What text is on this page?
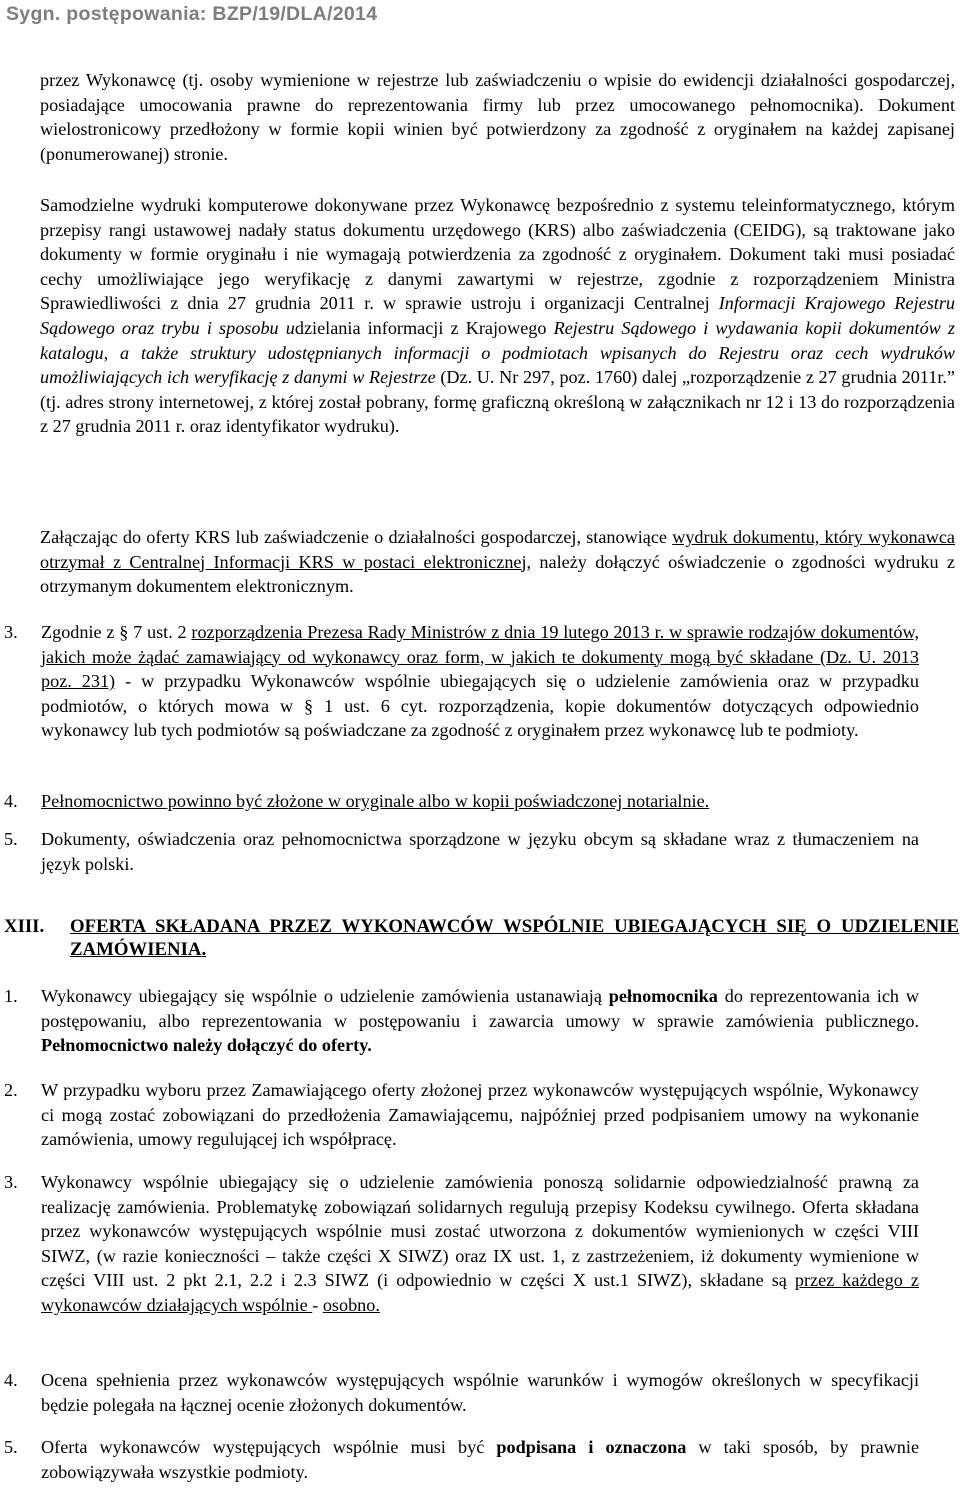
Sygn. postępowania: BZP/19/DLA/2014
przez Wykonawcę (tj. osoby wymienione w rejestrze lub zaświadczeniu o wpisie do ewidencji działalności gospodarczej, posiadające umocowania prawne do reprezentowania firmy lub przez umocowanego pełnomocnika). Dokument wielostronicowy przedłożony w formie kopii winien być potwierdzony za zgodność z oryginałem na każdej zapisanej (ponumerowanej) stronie.
Samodzielne wydruki komputerowe dokonywane przez Wykonawcę bezpośrednio z systemu teleinformatycznego, którym przepisy rangi ustawowej nadały status dokumentu urzędowego (KRS) albo zaświadczenia (CEIDG), są traktowane jako dokumenty w formie oryginału i nie wymagają potwierdzenia za zgodność z oryginałem. Dokument taki musi posiadać cechy umożliwiające jego weryfikację z danymi zawartymi w rejestrze, zgodnie z rozporządzeniem Ministra Sprawiedliwości z dnia 27 grudnia 2011 r. w sprawie ustroju i organizacji Centralnej Informacji Krajowego Rejestru Sądowego oraz trybu i sposobu udzielania informacji z Krajowego Rejestru Sądowego i wydawania kopii dokumentów z katalogu, a także struktury udostępnianych informacji o podmiotach wpisanych do Rejestru oraz cech wydruków umożliwiających ich weryfikację z danymi w Rejestrze (Dz. U. Nr 297, poz. 1760) dalej „rozporządzenie z 27 grudnia 2011r.” (tj. adres strony internetowej, z której został pobrany, formę graficzną określoną w załącznikach nr 12 i 13 do rozporządzenia z 27 grudnia 2011 r. oraz identyfikator wydruku).
Załączając do oferty KRS lub zaświadczenie o działalności gospodarczej, stanowiące wydruk dokumentu, który wykonawca otrzymał z Centralnej Informacji KRS w postaci elektronicznej, należy dołączyć oświadczenie o zgodności wydruku z otrzymanym dokumentem elektronicznym.
3. Zgodnie z § 7 ust. 2 rozporządzenia Prezesa Rady Ministrów z dnia 19 lutego 2013 r. w sprawie rodzajów dokumentów, jakich może żądać zamawiający od wykonawcy oraz form, w jakich te dokumenty mogą być składane (Dz. U. 2013 poz. 231) - w przypadku Wykonawców wspólnie ubiegających się o udzielenie zamówienia oraz w przypadku podmiotów, o których mowa w § 1 ust. 6 cyt. rozporządzenia, kopie dokumentów dotyczących odpowiednio wykonawcy lub tych podmiotów są poświadczane za zgodność z oryginałem przez wykonawcę lub te podmioty.
4. Pełnomocnictwo powinno być złożone w oryginale albo w kopii poświadczonej notarialnie.
5. Dokumenty, oświadczenia oraz pełnomocnictwa sporządzone w języku obcym są składane wraz z tłumaczeniem na język polski.
XIII. OFERTA SKŁADANA PRZEZ WYKONAWCÓW WSPÓLNIE UBIEGAJĄCYCH SIĘ O UDZIELENIE ZAMÓWIENIA.
1. Wykonawcy ubiegający się wspólnie o udzielenie zamówienia ustanawiają pełnomocnika do reprezentowania ich w postępowaniu, albo reprezentowania w postępowaniu i zawarcia umowy w sprawie zamówienia publicznego. Pełnomocnictwo należy dołączyć do oferty.
2. W przypadku wyboru przez Zamawiającego oferty złożonej przez wykonawców występujących wspólnie, Wykonawcy ci mogą zostać zobowiązani do przedłożenia Zamawiającemu, najpóźniej przed podpisaniem umowy na wykonanie zamówienia, umowy regulującej ich współpracę.
3. Wykonawcy wspólnie ubiegający się o udzielenie zamówienia ponoszą solidarnie odpowiedzialność prawną za realizację zamówienia. Problematykę zobowiązań solidarnych regulują przepisy Kodeksu cywilnego. Oferta składana przez wykonawców występujących wspólnie musi zostać utworzona z dokumentów wymienionych w części VIII SIWZ, (w razie konieczności – także części X SIWZ) oraz IX ust. 1, z zastrzeżeniem, iż dokumenty wymienione w części VIII ust. 2 pkt 2.1, 2.2 i 2.3 SIWZ (i odpowiednio w części X ust.1 SIWZ), składane są przez każdego z wykonawców działających wspólnie - osobno.
4. Ocena spełnienia przez wykonawców występujących wspólnie warunków i wymogów określonych w specyfikacji będzie polegała na łącznej ocenie złożonych dokumentów.
5. Oferta wykonawców występujących wspólnie musi być podpisana i oznaczona w taki sposób, by prawnie zobowiązywała wszystkie podmioty.
